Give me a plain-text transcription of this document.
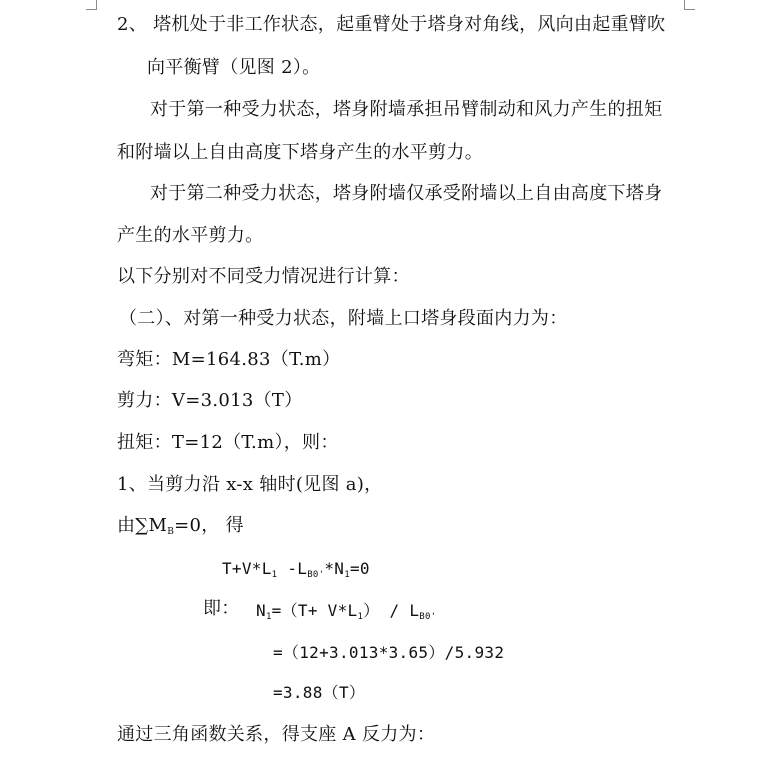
2、 塔机处于非工作状态，起重臂处于塔身对角线，风向由起重臂吹
向平衡臂（见图 2）。
对于第一种受力状态，塔身附墙承担吊臂制动和风力产生的扭矩
和附墙以上自由高度下塔身产生的水平剪力。
对于第二种受力状态，塔身附墙仅承受附墙以上自由高度下塔身
产生的水平剪力。
以下分别对不同受力情况进行计算：
（二）、对第一种受力状态，附墙上口塔身段面内力为：
弯矩：M=164.83（T.m）
剪力：V=3.013（T）
扭矩：T=12（T.m），则：
1、当剪力沿 x-x 轴时(见图 a)，
由$\sum M_B=0$， 得
$T+V*L_1$ $-L_{B0'}*N_1=0$
即： $N_1=(T+ V*L_1) / L_{B0'}$
=（12+3.013*3.65）/5.932
=3.88（T）
通过三角函数关系，得支座 A 反力为：
